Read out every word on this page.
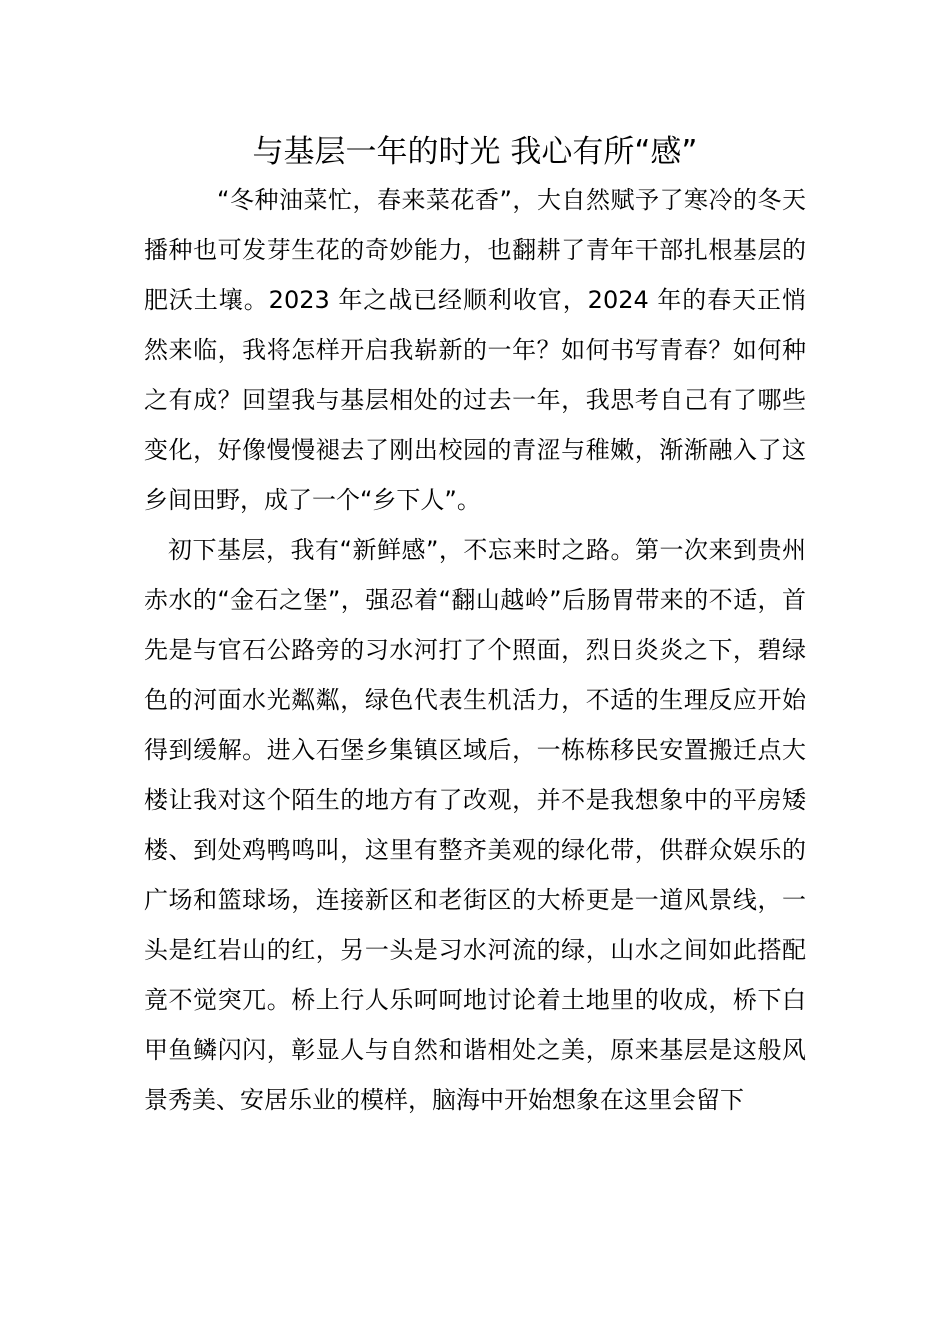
与基层一年的时光 我心有所“感”

“冬种油菜忙，春来菜花香”，大自然赋予了寒冷的冬天播种也可发芽生花的奇妙能力，也翻耕了青年干部扎根基层的肥沃土壤。2023 年之战已经顺利收官，2024 年的春天正悄然来临，我将怎样开启我崭新的一年？如何书写青春？如何种之有成？回望我与基层相处的过去一年，我思考自己有了哪些变化，好像慢慢褪去了刚出校园的青涩与稚嫩，渐渐融入了这乡间田野，成了一个“乡下人”。

初下基层，我有“新鲜感”，不忘来时之路。第一次来到贵州赤水的“金石之堡”，强忍着“翻山越岭”后肠胃带来的不适，首先是与官石公路旁的习水河打了个照面，烈日炎炎之下，碧绿色的河面水光粼粼，绿色代表生机活力，不适的生理反应开始得到缓解。进入石堡乡集镇区域后，一栋栋移民安置搬迁点大楼让我对这个陌生的地方有了改观，并不是我想象中的平房矮楼、到处鸡鸭鸣叫，这里有整齐美观的绿化带，供群众娱乐的广场和篮球场，连接新区和老街区的大桥更是一道风景线，一头是红岩山的红，另一头是习水河流的绿，山水之间如此搭配竟不觉突兀。桥上行人乐呵呵地讨论着土地里的收成，桥下白甲鱼鳞闪闪，彰显人与自然和谐相处之美，原来基层是这般风景秀美、安居乐业的模样，脑海中开始想象在这里会留下
